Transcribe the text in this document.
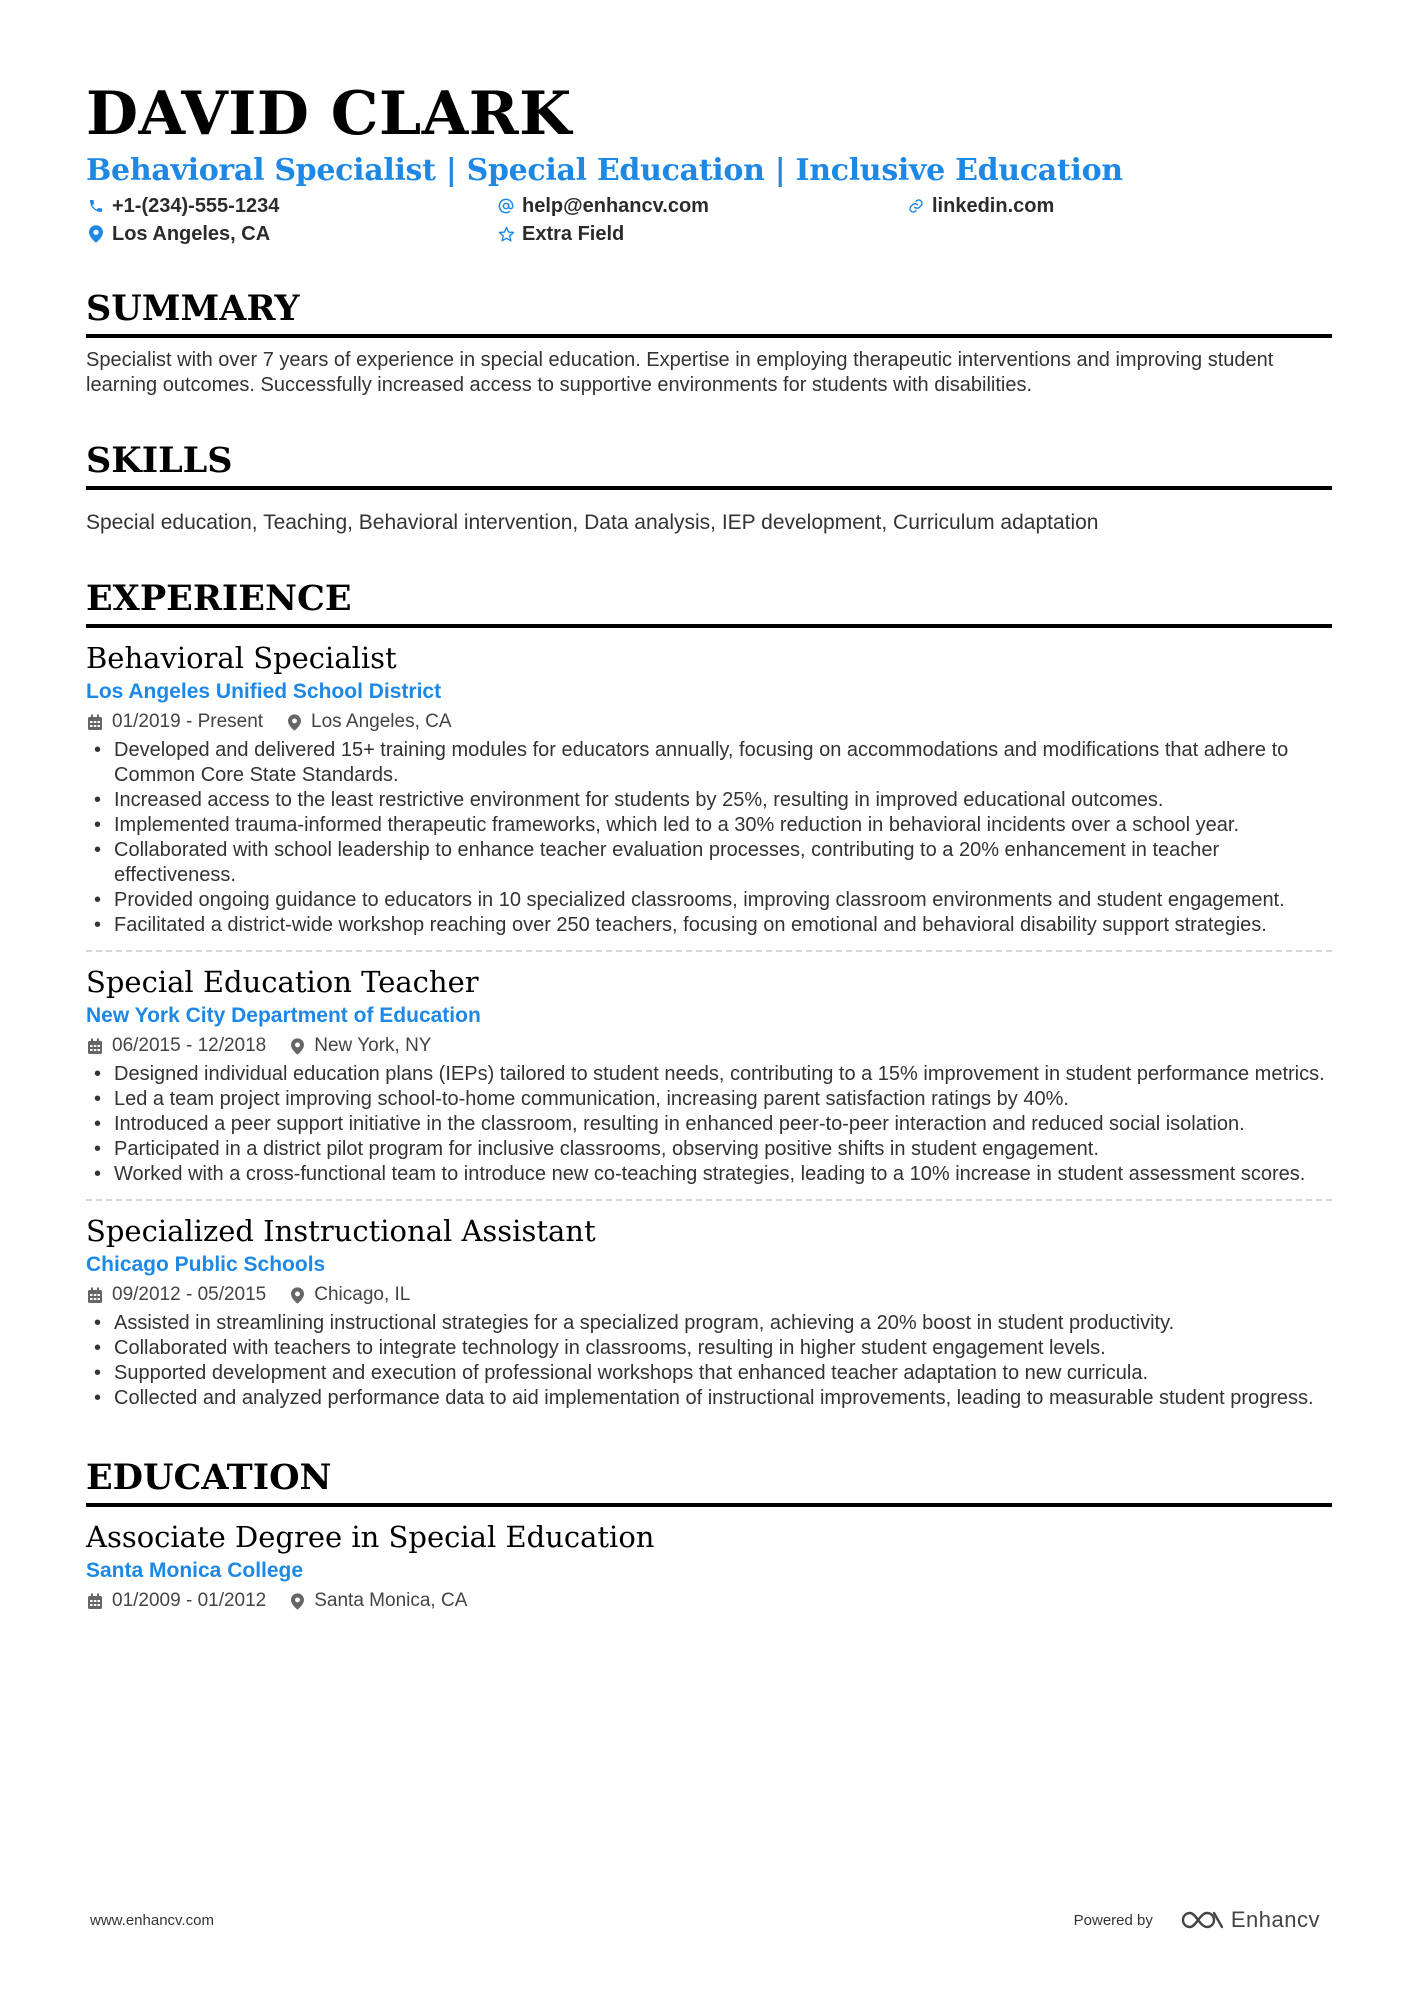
DAVID CLARK
Behavioral Specialist | Special Education | Inclusive Education
+1-(234)-555-1234	help@enhancv.com	linkedin.com
Los Angeles, CA	Extra Field
SUMMARY
Specialist with over 7 years of experience in special education. Expertise in employing therapeutic interventions and improving student learning outcomes. Successfully increased access to supportive environments for students with disabilities.
SKILLS
Special education, Teaching, Behavioral intervention, Data analysis, IEP development, Curriculum adaptation
EXPERIENCE
Behavioral Specialist
Los Angeles Unified School District
01/2019 - Present	Los Angeles, CA
• Developed and delivered 15+ training modules for educators annually, focusing on accommodations and modifications that adhere to Common Core State Standards.
• Increased access to the least restrictive environment for students by 25%, resulting in improved educational outcomes.
• Implemented trauma-informed therapeutic frameworks, which led to a 30% reduction in behavioral incidents over a school year.
• Collaborated with school leadership to enhance teacher evaluation processes, contributing to a 20% enhancement in teacher effectiveness.
• Provided ongoing guidance to educators in 10 specialized classrooms, improving classroom environments and student engagement.
• Facilitated a district-wide workshop reaching over 250 teachers, focusing on emotional and behavioral disability support strategies.
Special Education Teacher
New York City Department of Education
06/2015 - 12/2018	New York, NY
• Designed individual education plans (IEPs) tailored to student needs, contributing to a 15% improvement in student performance metrics.
• Led a team project improving school-to-home communication, increasing parent satisfaction ratings by 40%.
• Introduced a peer support initiative in the classroom, resulting in enhanced peer-to-peer interaction and reduced social isolation.
• Participated in a district pilot program for inclusive classrooms, observing positive shifts in student engagement.
• Worked with a cross-functional team to introduce new co-teaching strategies, leading to a 10% increase in student assessment scores.
Specialized Instructional Assistant
Chicago Public Schools
09/2012 - 05/2015	Chicago, IL
• Assisted in streamlining instructional strategies for a specialized program, achieving a 20% boost in student productivity.
• Collaborated with teachers to integrate technology in classrooms, resulting in higher student engagement levels.
• Supported development and execution of professional workshops that enhanced teacher adaptation to new curricula.
• Collected and analyzed performance data to aid implementation of instructional improvements, leading to measurable student progress.
EDUCATION
Associate Degree in Special Education
Santa Monica College
01/2009 - 01/2012	Santa Monica, CA
www.enhancv.com	Powered by	Enhancv
